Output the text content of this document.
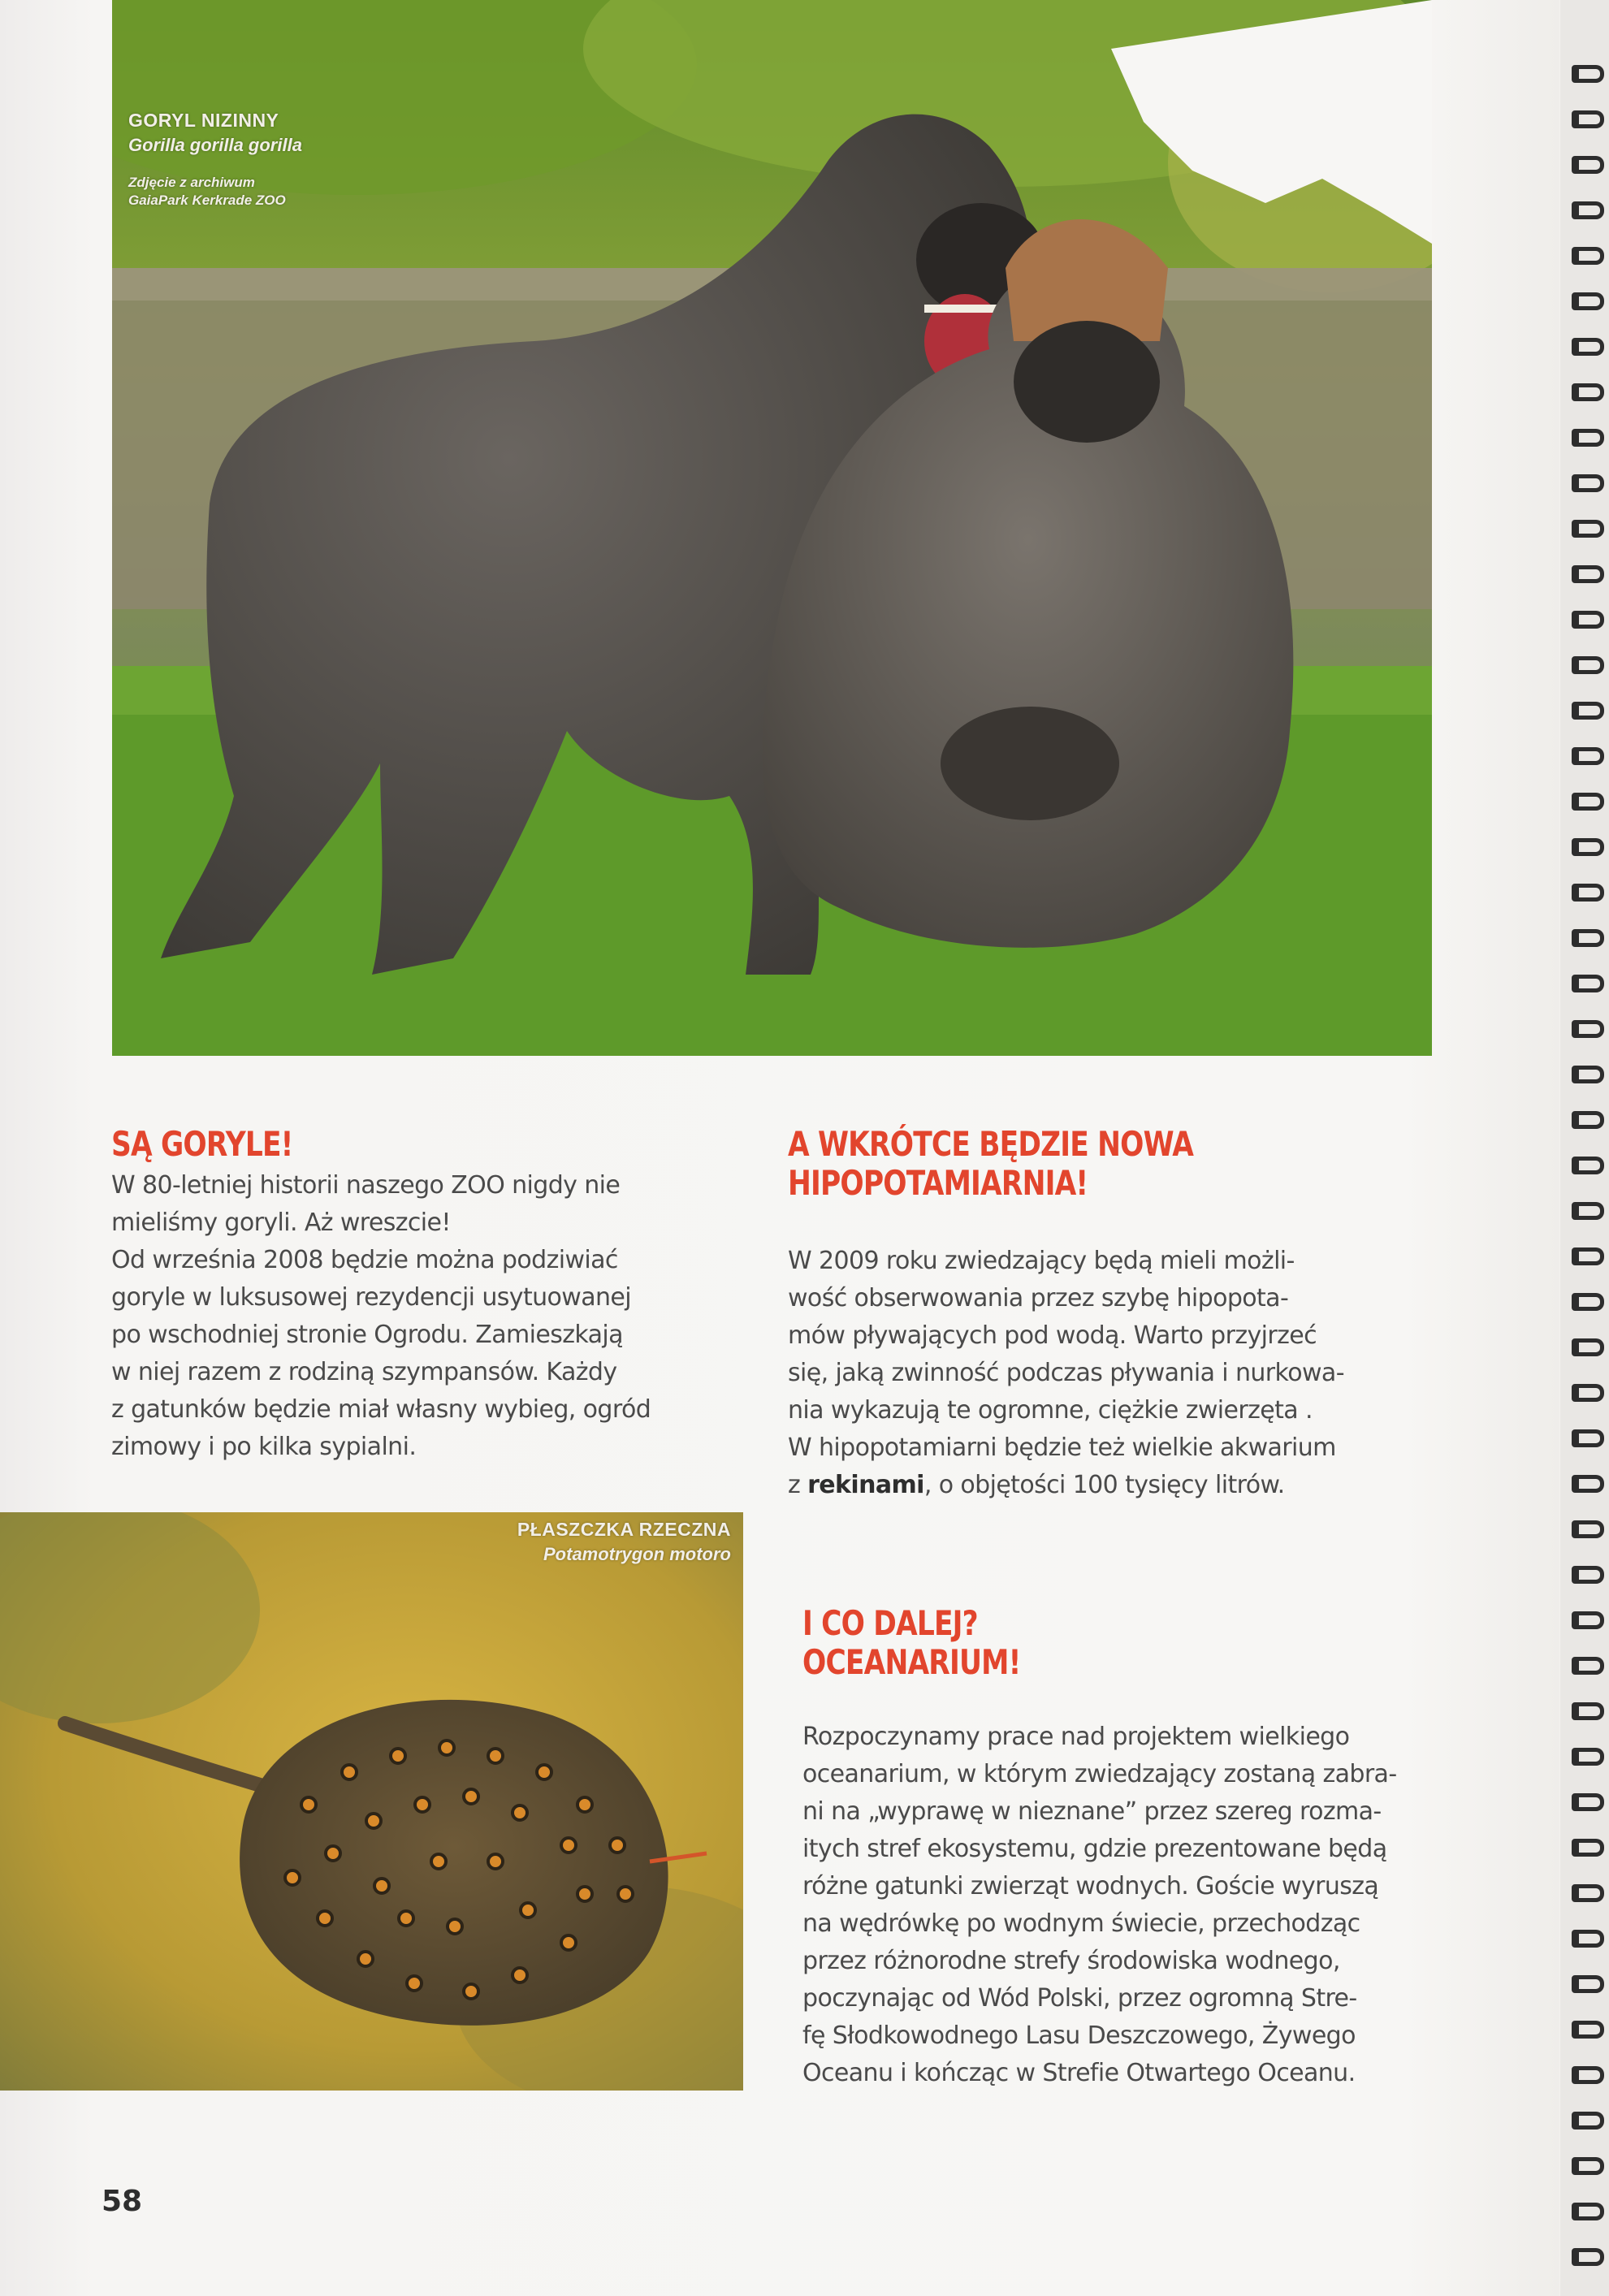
GORYL NIZINNY
Gorilla gorilla gorilla
Zdjęcie z archiwum
GaiaPark Kerkrade ZOO
SĄ GORYLE!
W 80-letniej historii naszego ZOO nigdy nie
mieliśmy goryli. Aż wreszcie!
Od września 2008 będzie można podziwiać
goryle w luksusowej rezydencji usytuowanej
po wschodniej stronie Ogrodu. Zamieszkają
w niej razem z rodziną szympansów. Każdy
z gatunków będzie miał własny wybieg, ogród
zimowy i po kilka sypialni.
A WKRÓTCE BĘDZIE NOWA
HIPOPOTAMIARNIA!
W 2009 roku zwiedzający będą mieli możli-
wość obserwowania przez szybę hipopota-
mów pływających pod wodą. Warto przyjrzeć
się, jaką zwinność podczas pływania i nurkowa-
nia wykazują te ogromne, ciężkie zwierzęta .
W hipopotamiarni będzie też wielkie akwarium
z rekinami, o objętości 100 tysięcy litrów.
PŁASZCZKA RZECZNA
Potamotrygon motoro
I CO DALEJ?
OCEANARIUM!
Rozpoczynamy prace nad projektem wielkiego
oceanarium, w którym zwiedzający zostaną zabra-
ni na „wyprawę w nieznane” przez szereg rozma-
itych stref ekosystemu, gdzie prezentowane będą
różne gatunki zwierząt wodnych. Goście wyruszą
na wędrówkę po wodnym świecie, przechodząc
przez różnorodne strefy środowiska wodnego,
poczynając od Wód Polski, przez ogromną Stre-
fę Słodkowodnego Lasu Deszczowego, Żywego
Oceanu i kończąc w Strefie Otwartego Oceanu.
58
